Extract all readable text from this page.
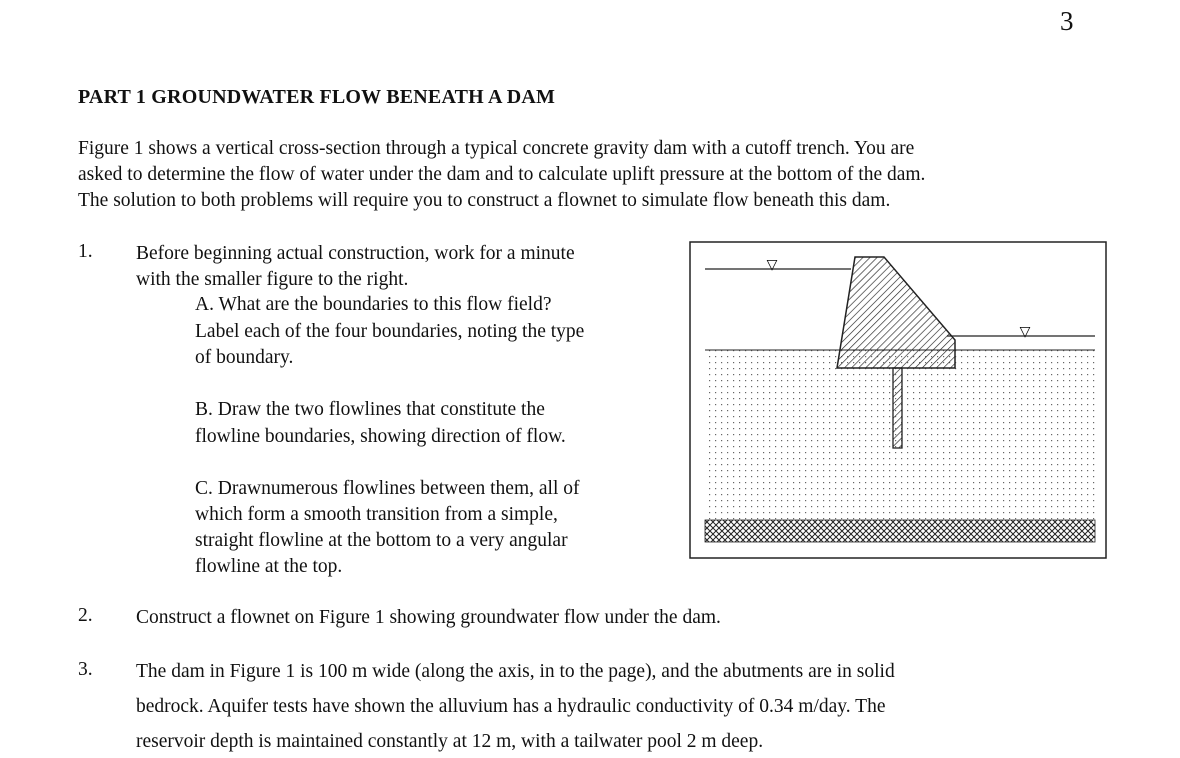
3
PART 1 GROUNDWATER FLOW BENEATH A DAM
Figure 1 shows a vertical cross-section through a typical concrete gravity dam with a cutoff trench. You are
asked to determine the flow of water under the dam and to calculate uplift pressure at the bottom of the dam.
The solution to both problems will require you to construct a flownet to simulate flow beneath this dam.
1. Before beginning actual construction, work for a minute
with the smaller figure to the right.
A. What are the boundaries to this flow field?
Label each of the four boundaries, noting the type
of boundary.
B. Draw the two flowlines that constitute the
flowline boundaries, showing direction of flow.
C. Drawnumerous flowlines between them, all of
which form a smooth transition from a simple,
straight flowline at the bottom to a very angular
flowline at the top.
▽
▽
2. Construct a flownet on Figure 1 showing groundwater flow under the dam.
3. The dam in Figure 1 is 100 m wide (along the axis, in to the page), and the abutments are in solid
bedrock. Aquifer tests have shown the alluvium has a hydraulic conductivity of 0.34 m/day. The
reservoir depth is maintained constantly at 12 m, with a tailwater pool 2 m deep.
